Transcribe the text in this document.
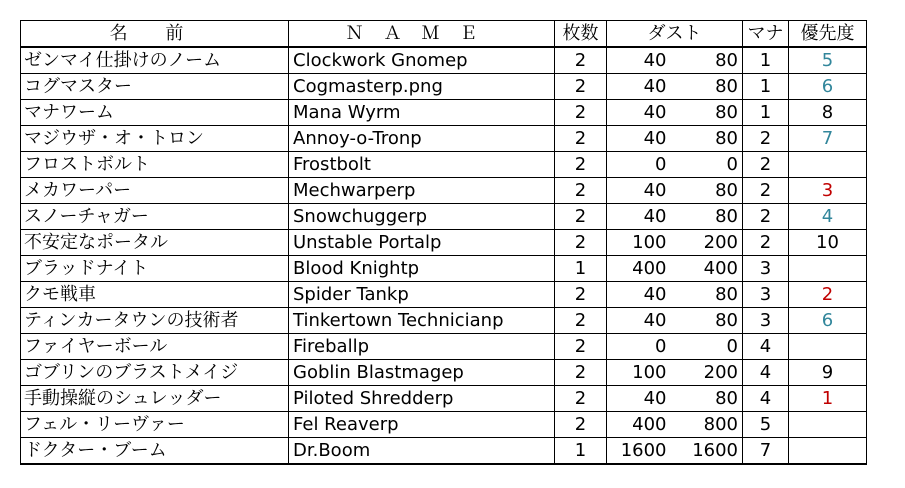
名 前	ＮＡＭＥ	枚数	ダスト		マナ	優先度
ゼンマイ仕掛けのノーム	Clockwork Gnomep	2	40	80	1	5
コグマスター	Cogmasterp.png	2	40	80	1	6
マナワーム	Mana Wyrm	2	40	80	1	8
マジウザ・オ・トロン	Annoy-o-Tronp	2	40	80	2	7
フロストボルト	Frostbolt	2	0	0	2	
メカワーパー	Mechwarperp	2	40	80	2	3
スノーチャガー	Snowchuggerp	2	40	80	2	4
不安定なポータル	Unstable Portalp	2	100	200	2	10
ブラッドナイト	Blood Knightp	1	400	400	3	
クモ戦車	Spider Tankp	2	40	80	3	2
ティンカータウンの技術者	Tinkertown Technicianp	2	40	80	3	6
ファイヤーボール	Fireballp	2	0	0	4	
ゴブリンのブラストメイジ	Goblin Blastmagep	2	100	200	4	9
手動操縦のシュレッダー	Piloted Shredderp	2	40	80	4	1
フェル・リーヴァー	Fel Reaverp	2	400	800	5	
ドクター・ブーム	Dr.Boom	1	1600	1600	7	
